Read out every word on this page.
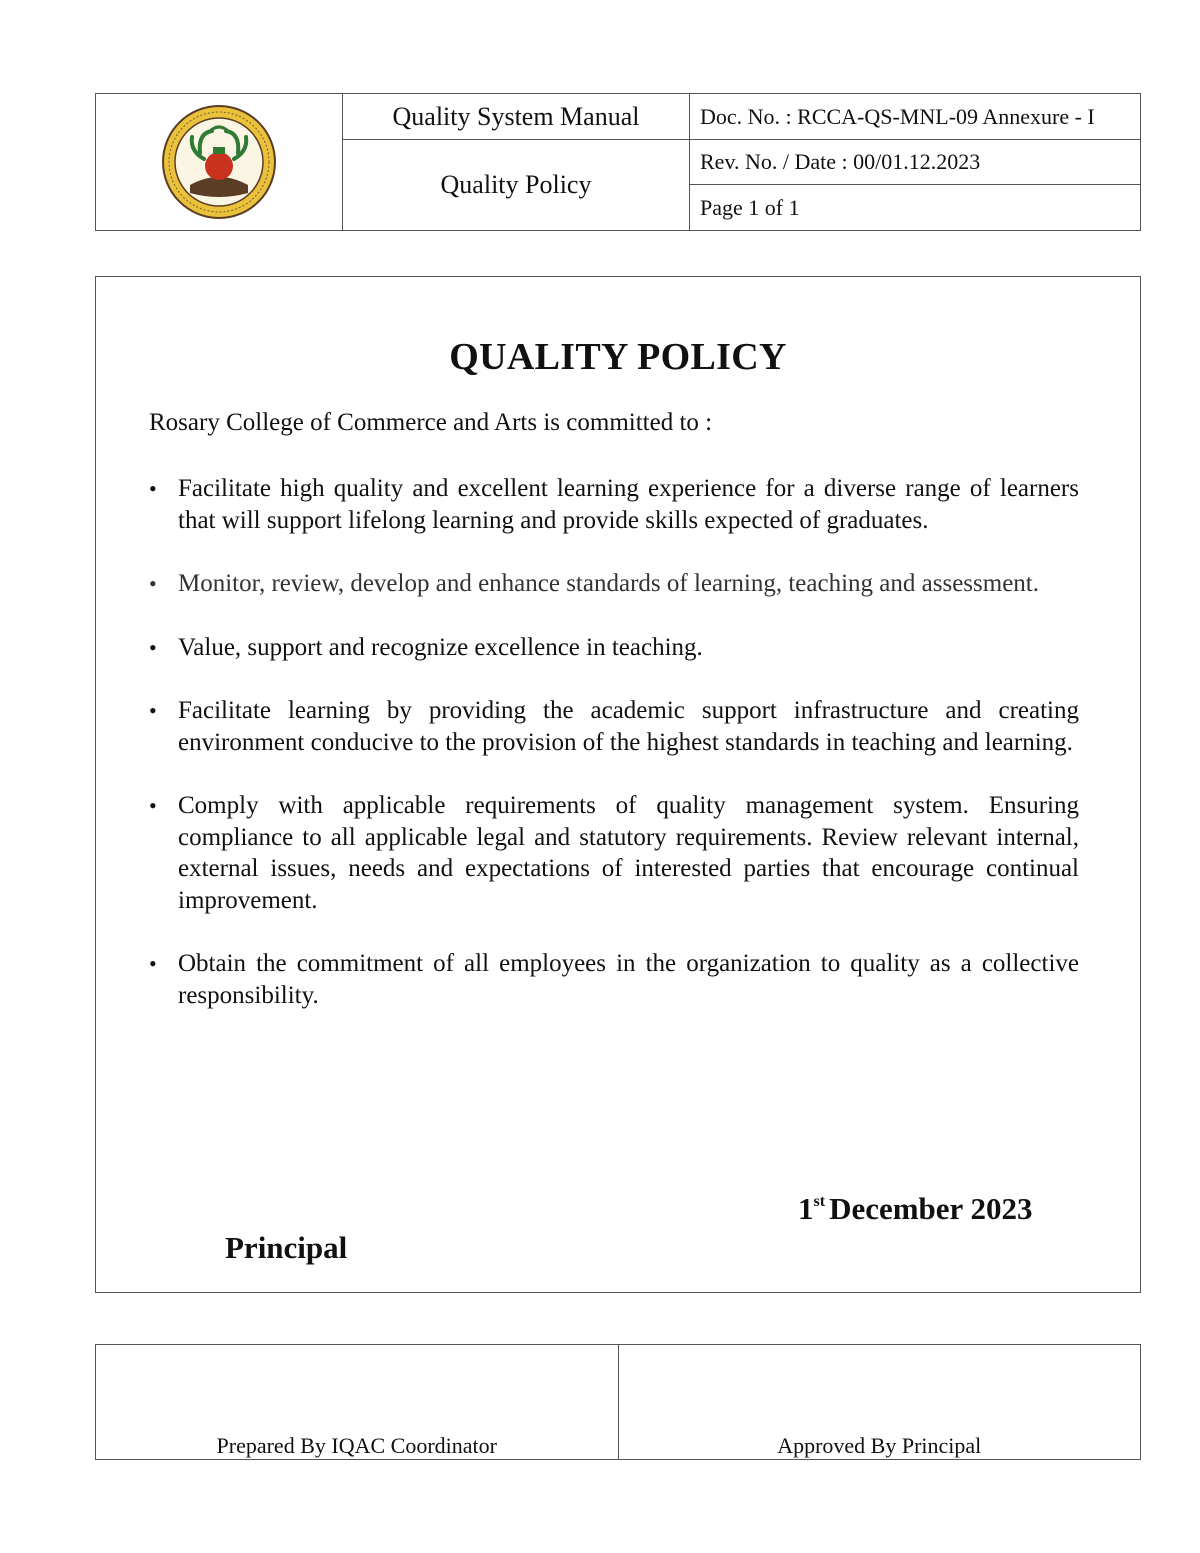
	Quality System Manual	Doc. No. : RCCA-QS-MNL-09 Annexure - I
	Quality Policy	Rev. No. / Date : 00/01.12.2023
		Page 1 of 1
QUALITY POLICY
Rosary College of Commerce and Arts is committed to :
• Facilitate high quality and excellent learning experience for a diverse range of learners that will support lifelong learning and provide skills expected of graduates.
• Monitor, review, develop and enhance standards of learning, teaching and assessment.
• Value, support and recognize excellence in teaching.
• Facilitate learning by providing the academic support infrastructure and creating environment conducive to the provision of the highest standards in teaching and learning.
• Comply with applicable requirements of quality management system. Ensuring compliance to all applicable legal and statutory requirements. Review relevant internal, external issues, needs and expectations of interested parties that encourage continual improvement.
• Obtain the commitment of all employees in the organization to quality as a collective responsibility.
1st December 2023
Principal
Prepared By IQAC Coordinator	Approved By Principal
